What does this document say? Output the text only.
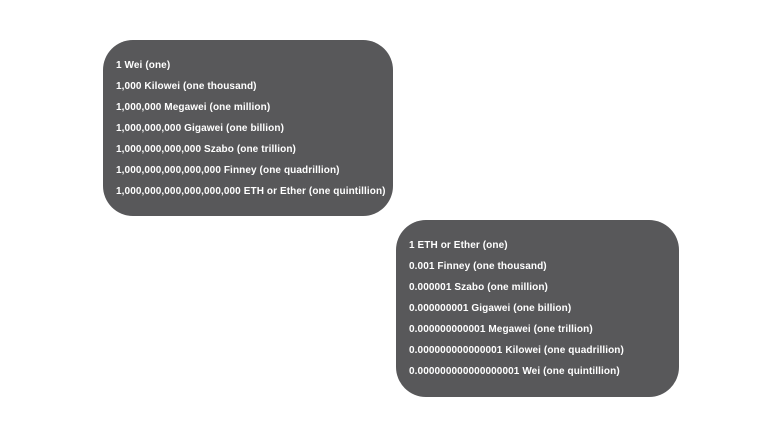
1 Wei (one)
1,000 Kilowei (one thousand)
1,000,000 Megawei (one million)
1,000,000,000 Gigawei (one billion)
1,000,000,000,000 Szabo (one trillion)
1,000,000,000,000,000 Finney (one quadrillion)
1,000,000,000,000,000,000 ETH or Ether (one quintillion)
1 ETH or Ether (one)
0.001 Finney (one thousand)
0.000001 Szabo (one million)
0.000000001 Gigawei (one billion)
0.000000000001 Megawei (one trillion)
0.000000000000001 Kilowei (one quadrillion)
0.000000000000000001 Wei (one quintillion)
